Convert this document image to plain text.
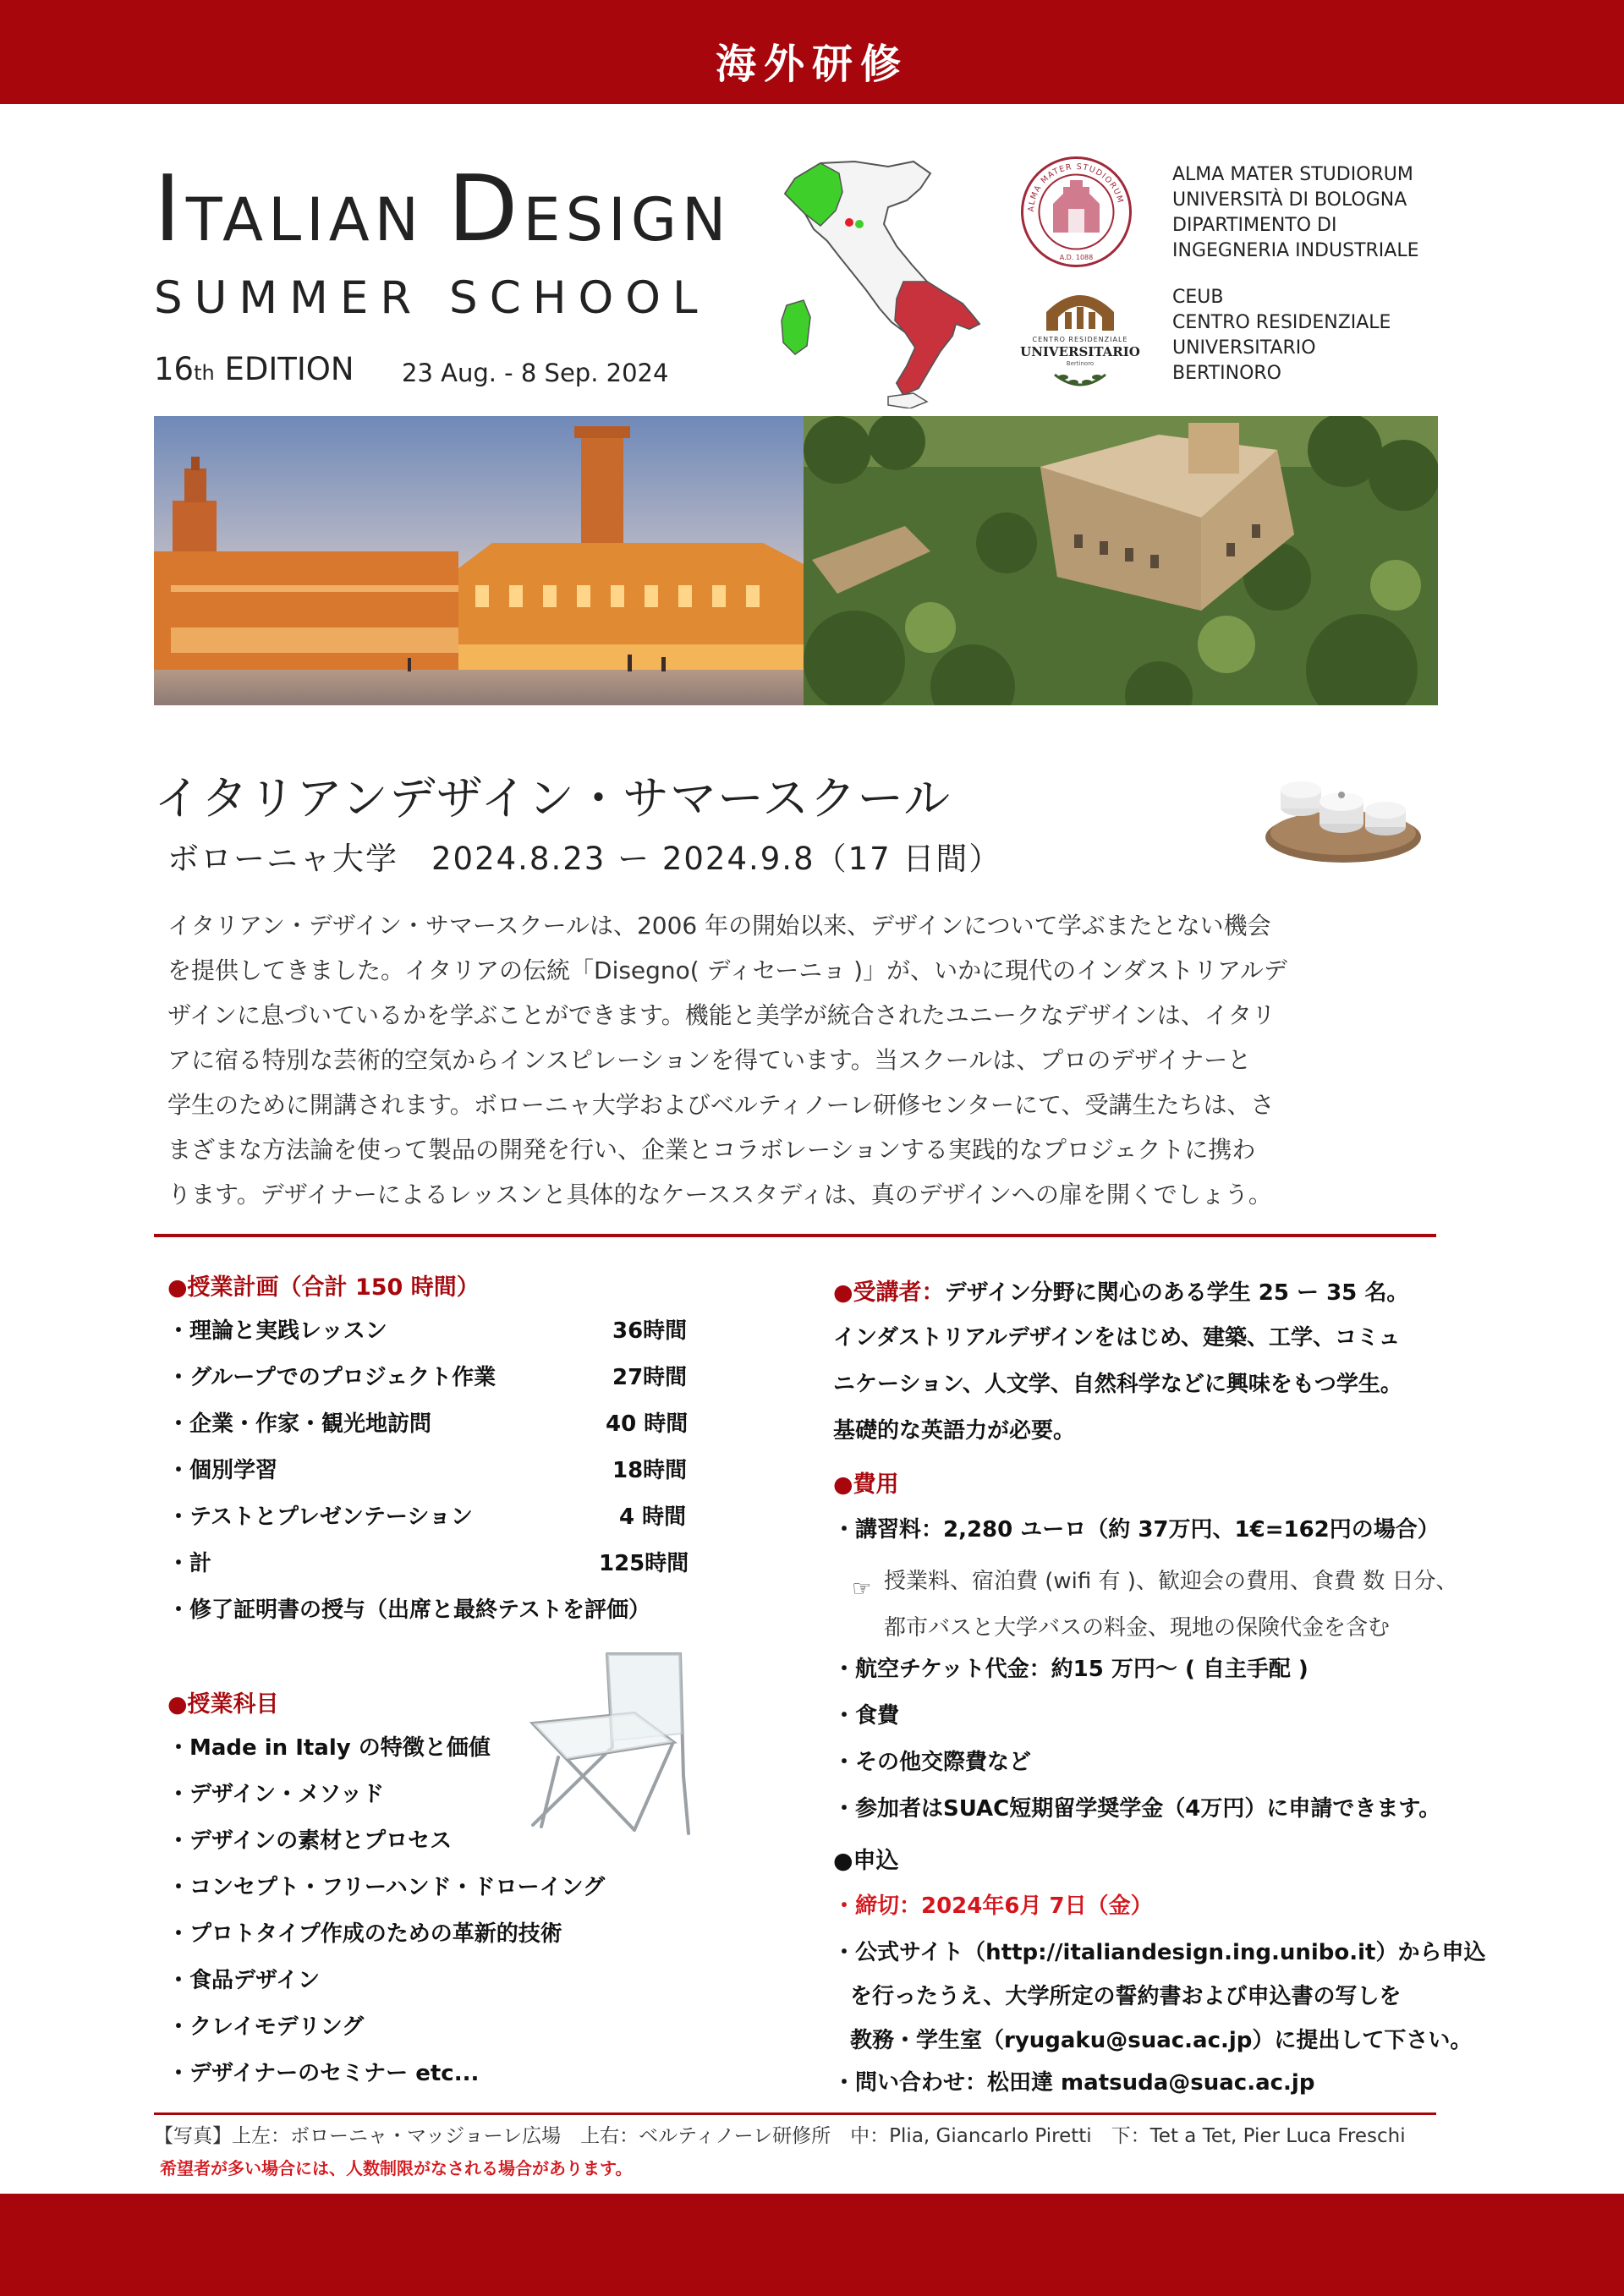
海外研修
ITALIAN DESIGN
SUMMER SCHOOL
16th EDITION 23 Aug. - 8 Sep. 2024
ALMA MATER STUDIORUM
A.D. 1088
ALMA MATER STUDIORUM
UNIVERSITÀ DI BOLOGNA
DIPARTIMENTO DI
INGEGNERIA INDUSTRIALE
CENTRO RESIDENZIALE
UNIVERSITARIO
Bertinoro
CEUB
CENTRO RESIDENZIALE
UNIVERSITARIO
BERTINORO
イタリアンデザイン・サマースクール
ボローニャ大学　2024.8.23 ー 2024.9.8（17 日間）
イタリアン・デザイン・サマースクールは、2006 年の開始以来、デザインについて学ぶまたとない機会
を提供してきました。イタリアの伝統「Disegno( ディセーニョ )」が、いかに現代のインダストリアルデ
ザインに息づいているかを学ぶことができます。機能と美学が統合されたユニークなデザインは、イタリ
アに宿る特別な芸術的空気からインスピレーションを得ています。当スクールは、プロのデザイナーと
学生のために開講されます。ボローニャ大学およびベルティノーレ研修センターにて、受講生たちは、さ
まざまな方法論を使って製品の開発を行い、企業とコラボレーションする実践的なプロジェクトに携わ
ります。デザイナーによるレッスンと具体的なケーススタディは、真のデザインへの扉を開くでしょう。
●授業計画（合計 150 時間）
・理論と実践レッスン	36時間
・グループでのプロジェクト作業	27時間
・企業・作家・観光地訪問	40 時間
・個別学習	18時間
・テストとプレゼンテーション	4 時間
・計	125時間
・修了証明書の授与（出席と最終テストを評価）
●授業科目
・Made in Italy の特徴と価値
・デザイン・メソッド
・デザインの素材とプロセス
・コンセプト・フリーハンド・ドローイング
・プロトタイプ作成のための革新的技術
・食品デザイン
・クレイモデリング
・デザイナーのセミナー etc...
●受講者：デザイン分野に関心のある学生 25 ー 35 名。
インダストリアルデザインをはじめ、建築、工学、コミュ
ニケーション、人文学、自然科学などに興味をもつ学生。
基礎的な英語力が必要。
●費用
・講習料：2,280 ユーロ（約 37万円、1€=162円の場合）
☞ 授業料、宿泊費 (wifi 有 )、歓迎会の費用、食費 数 日分、
都市バスと大学バスの料金、現地の保険代金を含む
・航空チケット代金：約15 万円〜 ( 自主手配 )
・食費
・その他交際費など
・参加者はSUAC短期留学奨学金（4万円）に申請できます。
●申込
・締切：2024年6月 7日（金）
・公式サイト（http://italiandesign.ing.unibo.it）から申込
を行ったうえ、大学所定の誓約書および申込書の写しを
教務・学生室（ryugaku@suac.ac.jp）に提出して下さい。
・問い合わせ：松田達 matsuda@suac.ac.jp
【写真】上左：ボローニャ・マッジョーレ広場　上右：ベルティノーレ研修所　中：Plia, Giancarlo Piretti　下：Tet a Tet, Pier Luca Freschi
希望者が多い場合には、人数制限がなされる場合があります。
